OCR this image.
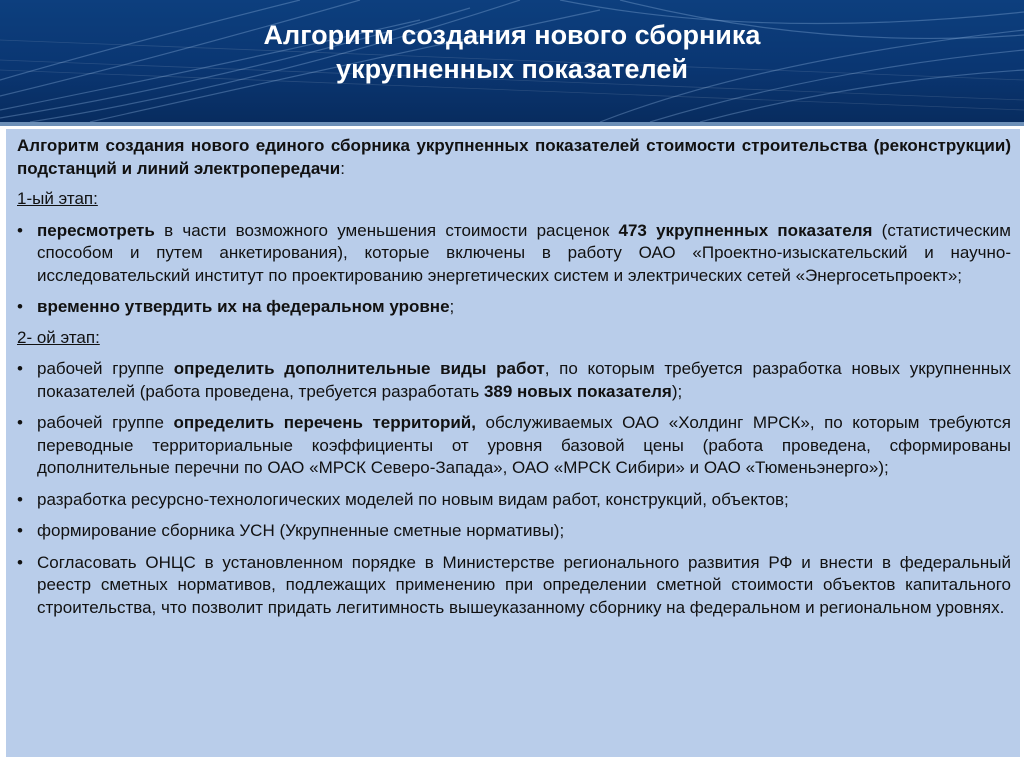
Алгоритм создания нового сборника
укрупненных показателей

Алгоритм создания нового единого сборника укрупненных показателей стоимости строительства (реконструкции) подстанций и линий электропередачи:

1-ый этап:

• пересмотреть в части возможного уменьшения стоимости расценок 473 укрупненных показателя (статистическим способом и путем анкетирования), которые включены в работу ОАО «Проектно-изыскательский и научно-исследовательский институт по проектированию энергетических систем и электрических сетей «Энергосетьпроект»;
• временно утвердить их на федеральном уровне;

2- ой этап:

• рабочей группе определить дополнительные виды работ, по которым требуется разработка новых укрупненных показателей (работа проведена, требуется разработать 389 новых показателя);
• рабочей группе определить перечень территорий, обслуживаемых ОАО «Холдинг МРСК», по которым требуются переводные территориальные коэффициенты от уровня базовой цены (работа проведена, сформированы дополнительные перечни по ОАО «МРСК Северо-Запада», ОАО «МРСК Сибири» и ОАО «Тюменьэнерго»);
• разработка ресурсно-технологических моделей по новым видам работ, конструкций, объектов;
• формирование сборника УСН (Укрупненные сметные нормативы);
• Согласовать ОНЦС в установленном порядке в Министерстве регионального развития РФ и внести в федеральный реестр сметных нормативов, подлежащих применению при определении сметной стоимости объектов капитального строительства, что позволит придать легитимность вышеуказанному сборнику на федеральном и региональном уровнях.
